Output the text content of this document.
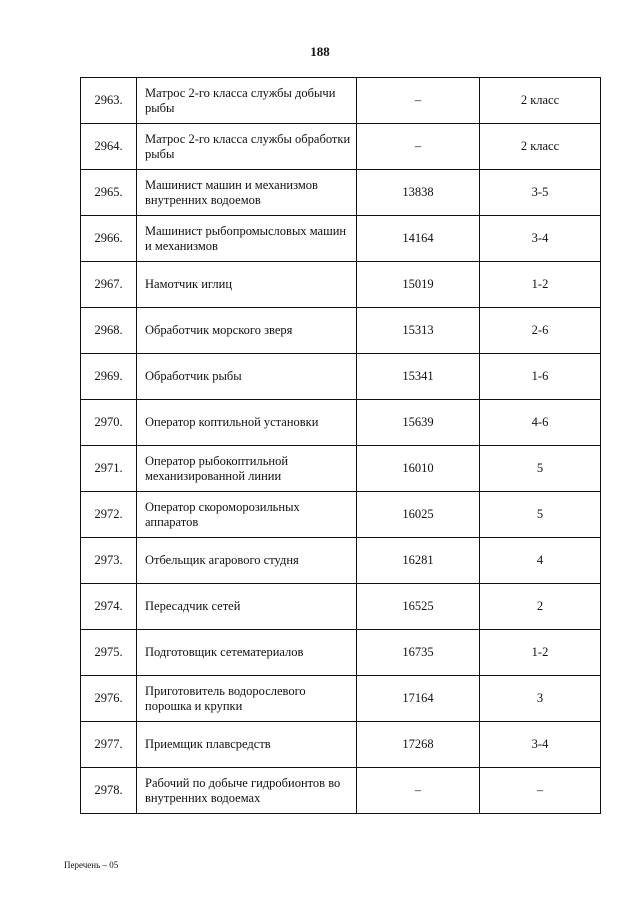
188
2963.	Матрос 2-го класса службы добычи рыбы	–	2 класс
2964.	Матрос 2-го класса службы обработки рыбы	–	2 класс
2965.	Машинист машин и механизмов внутренних водоемов	13838	3-5
2966.	Машинист рыбопромысловых машин и механизмов	14164	3-4
2967.	Намотчик иглиц	15019	1-2
2968.	Обработчик морского зверя	15313	2-6
2969.	Обработчик рыбы	15341	1-6
2970.	Оператор коптильной установки	15639	4-6
2971.	Оператор рыбокоптильной механизированной линии	16010	5
2972.	Оператор скороморозильных аппаратов	16025	5
2973.	Отбельщик агарового студня	16281	4
2974.	Пересадчик сетей	16525	2
2975.	Подготовщик сетематериалов	16735	1-2
2976.	Приготовитель водорослевого порошка и крупки	17164	3
2977.	Приемщик плавсредств	17268	3-4
2978.	Рабочий по добыче гидробионтов во внутренних водоемах	–	–
Перечень – 05
